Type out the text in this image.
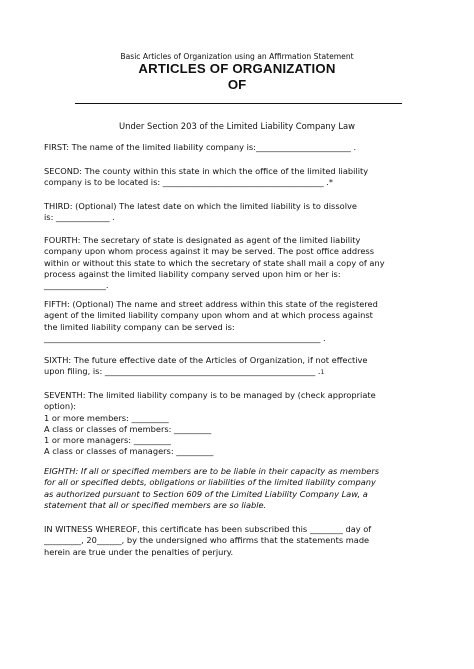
Basic Articles of Organization using an Affirmation Statement
ARTICLES OF ORGANIZATION
OF
Under Section 203 of the Limited Liability Company Law
FIRST: The name of the limited liability company is:_______________________ .
SECOND: The county within this state in which the office of the limited liability
company is to be located is: _______________________________________ .*
THIRD: (Optional) The latest date on which the limited liability is to dissolve
is: _____________ .
FOURTH: The secretary of state is designated as agent of the limited liability
company upon whom process against it may be served. The post office address
within or without this state to which the secretary of state shall mail a copy of any
process against the limited liability company served upon him or her is:
_______________.
FIFTH: (Optional) The name and street address within this state of the registered
agent of the limited liability company upon whom and at which process against
the limited liability company can be served is:
___________________________________________________________________ .
SIXTH: The future effective date of the Articles of Organization, if not effective
upon filing, is: ___________________________________________________ .1
SEVENTH: The limited liability company is to be managed by (check appropriate
option):
1 or more members: _________
A class or classes of members: _________
1 or more managers: _________
A class or classes of managers: _________
EIGHTH: If all or specified members are to be liable in their capacity as members
for all or specified debts, obligations or liabilities of the limited liability company
as authorized pursuant to Section 609 of the Limited Liability Company Law, a
statement that all or specified members are so liable.
IN WITNESS WHEREOF, this certificate has been subscribed this ________ day of
_________, 20______, by the undersigned who affirms that the statements made
herein are true under the penalties of perjury.
